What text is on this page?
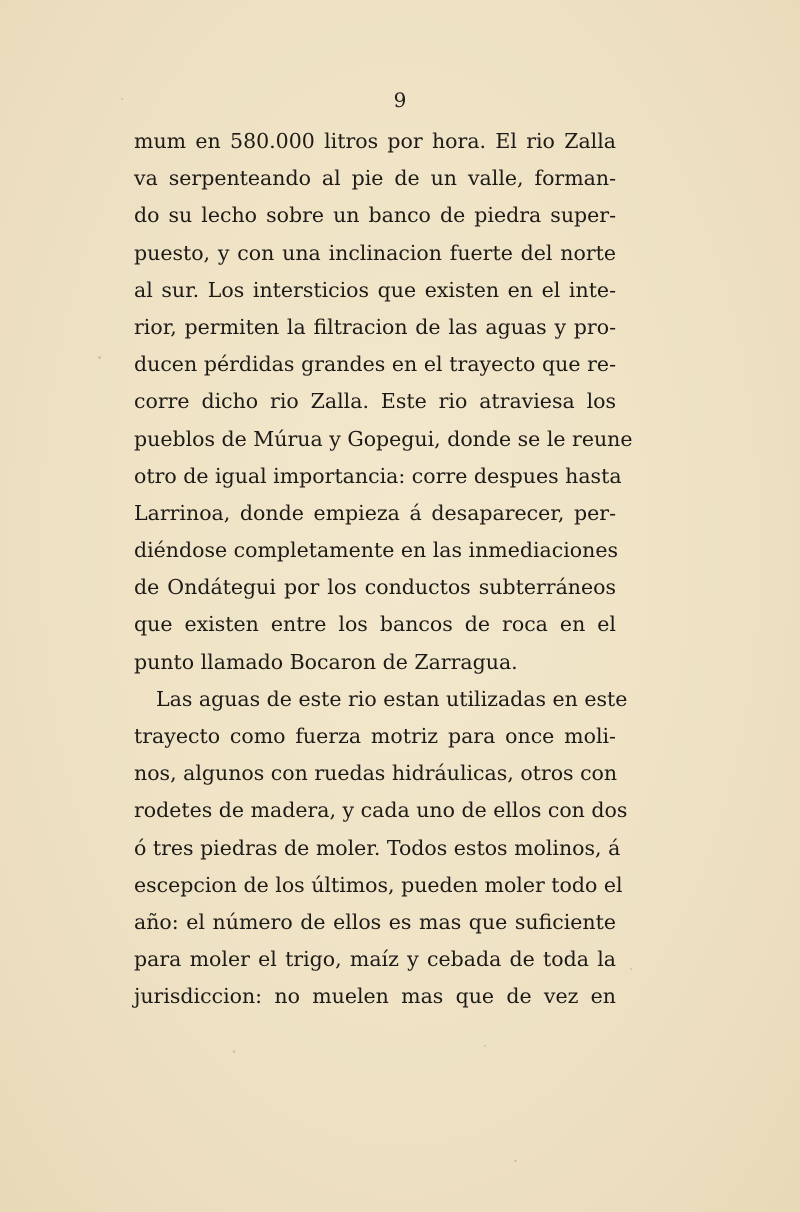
9
mum en 580.000 litros por hora. El rio Zalla
va serpenteando al pie de un valle, forman-
do su lecho sobre un banco de piedra super-
puesto, y con una inclinacion fuerte del norte
al sur. Los intersticios que existen en el inte-
rior, permiten la filtracion de las aguas y pro-
ducen pérdidas grandes en el trayecto que re-
corre dicho rio Zalla. Este rio atraviesa los
pueblos de Múrua y Gopegui, donde se le reune
otro de igual importancia: corre despues hasta
Larrinoa, donde empieza á desaparecer, per-
diéndose completamente en las inmediaciones
de Ondátegui por los conductos subterráneos
que existen entre los bancos de roca en el
punto llamado Bocaron de Zarragua.
Las aguas de este rio estan utilizadas en este
trayecto como fuerza motriz para once moli-
nos, algunos con ruedas hidráulicas, otros con
rodetes de madera, y cada uno de ellos con dos
ó tres piedras de moler. Todos estos molinos, á
escepcion de los últimos, pueden moler todo el
año: el número de ellos es mas que suficiente
para moler el trigo, maíz y cebada de toda la
jurisdiccion: no muelen mas que de vez en
